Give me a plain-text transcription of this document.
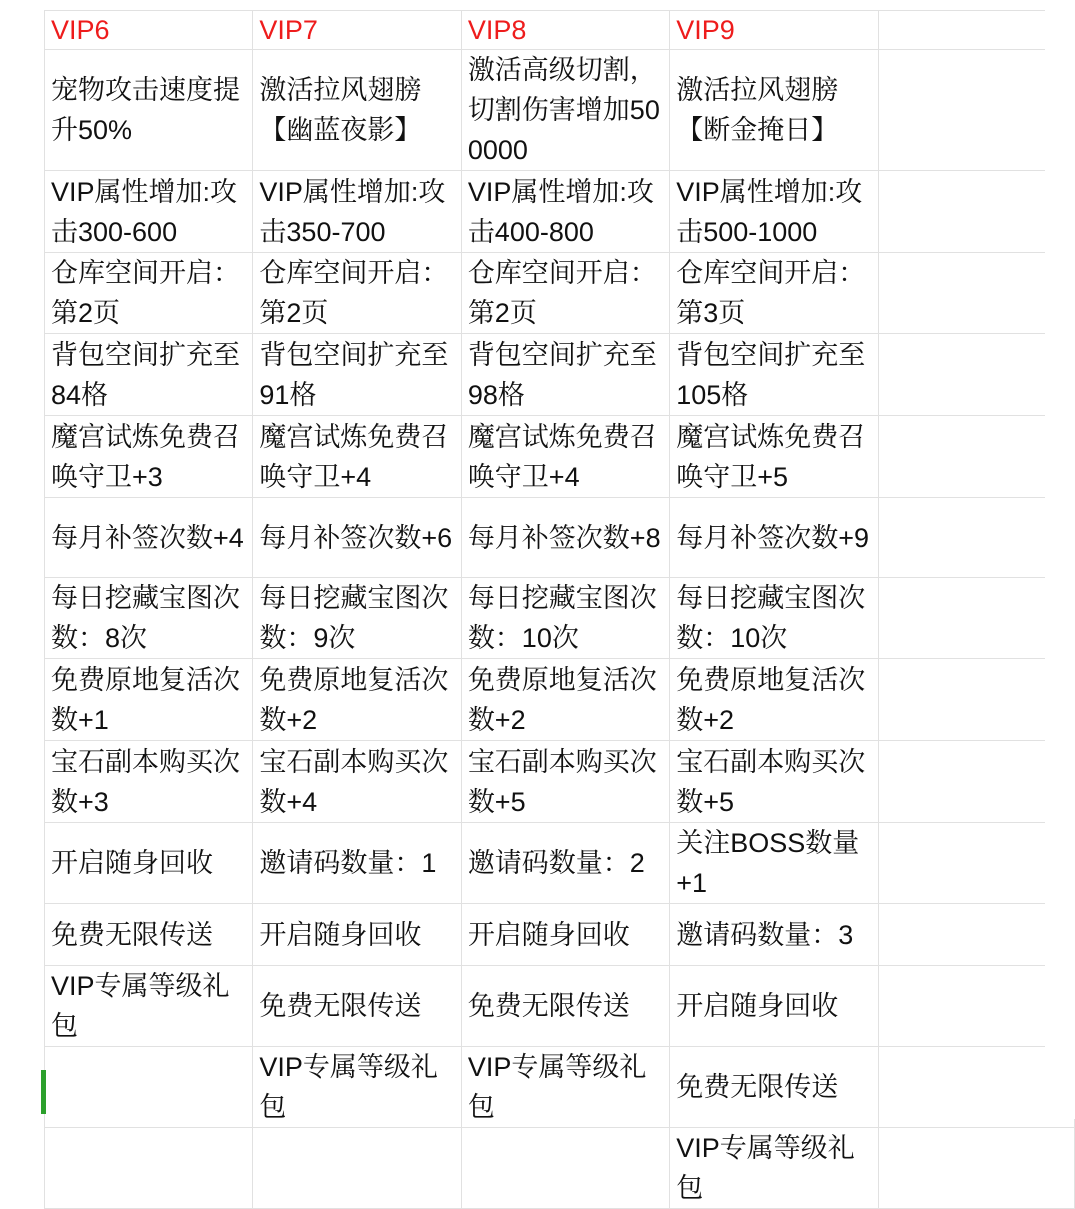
VIP6	VIP7	VIP8	VIP9	
宠物攻击速度提升50%	激活拉风翅膀【幽蓝夜影】	激活高级切割，切割伤害增加500000	激活拉风翅膀【断金掩日】	
VIP属性增加:攻击300-600	VIP属性增加:攻击350-700	VIP属性增加:攻击400-800	VIP属性增加:攻击500-1000	
仓库空间开启：第2页	仓库空间开启：第2页	仓库空间开启：第2页	仓库空间开启：第3页	
背包空间扩充至84格	背包空间扩充至91格	背包空间扩充至98格	背包空间扩充至105格	
魔宫试炼免费召唤守卫+3	魔宫试炼免费召唤守卫+4	魔宫试炼免费召唤守卫+4	魔宫试炼免费召唤守卫+5	
每月补签次数+4	每月补签次数+6	每月补签次数+8	每月补签次数+9	
每日挖藏宝图次数：8次	每日挖藏宝图次数：9次	每日挖藏宝图次数：10次	每日挖藏宝图次数：10次	
免费原地复活次数+1	免费原地复活次数+2	免费原地复活次数+2	免费原地复活次数+2	
宝石副本购买次数+3	宝石副本购买次数+4	宝石副本购买次数+5	宝石副本购买次数+5	
开启随身回收	邀请码数量：1	邀请码数量：2	关注BOSS数量+1	
免费无限传送	开启随身回收	开启随身回收	邀请码数量：3	
VIP专属等级礼包	免费无限传送	免费无限传送	开启随身回收	
	VIP专属等级礼包	VIP专属等级礼包	免费无限传送	
			VIP专属等级礼包	
